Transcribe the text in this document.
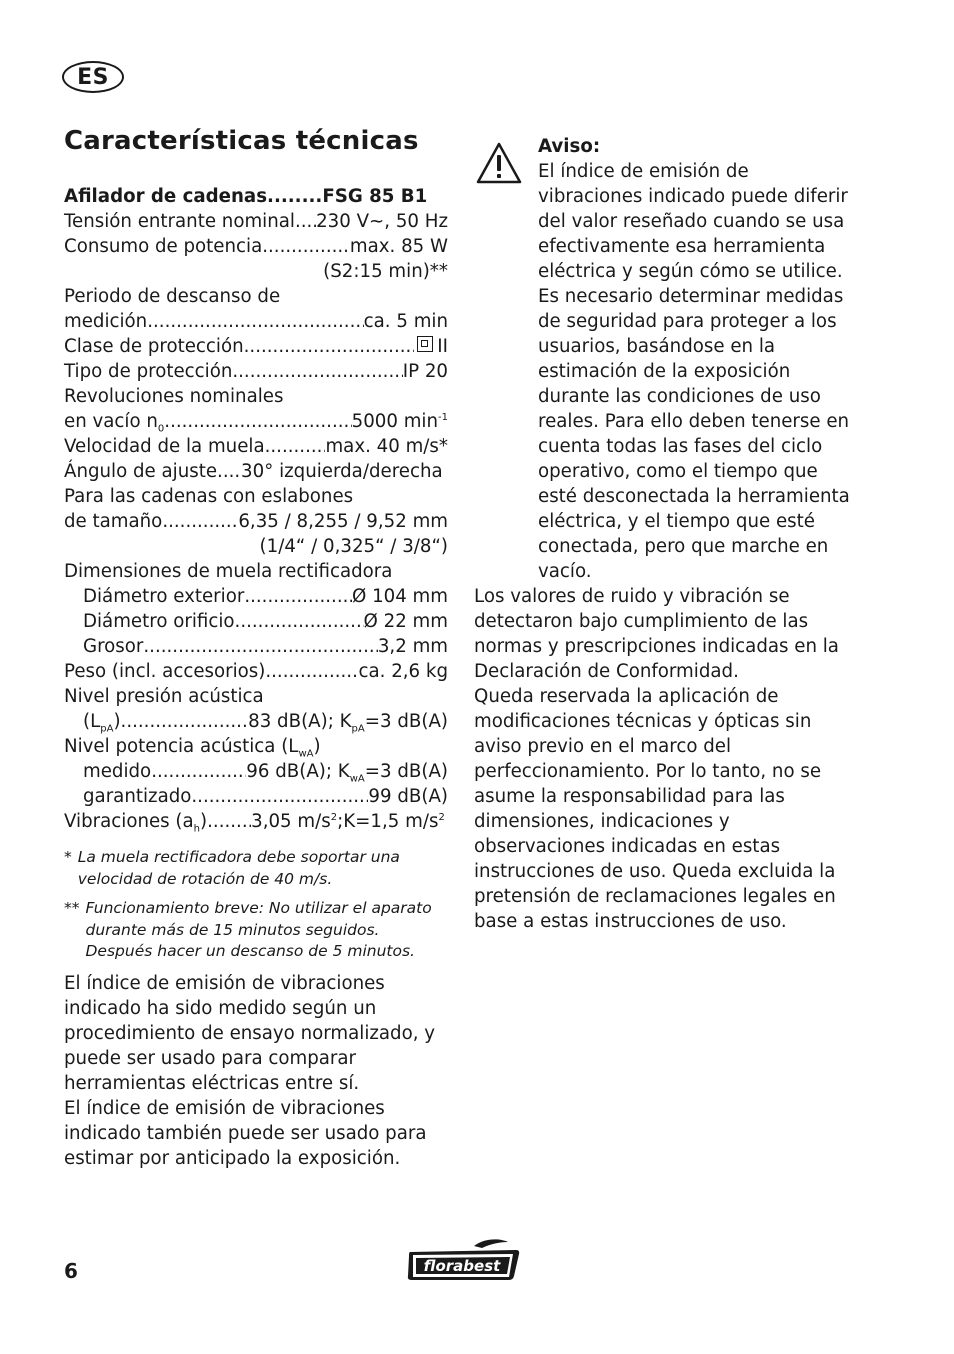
ES
Características técnicas
Afilador de cadenas ........ FSG 85 B1
Tensión entrante nominal ..... 230 V~, 50 Hz
Consumo de potencia .....	max. 85 W
(S2:15 min)**
Periodo de descanso de
medición .....	ca. 5 min
Clase de protección .....	II
Tipo de protección .....	IP 20
Revoluciones nominales
en vacío $n_0$ .....	5000 $\min^{-1}$
Velocidad de la muela .....	max. 40 m/s*
Ángulo de ajuste ..... 30° izquierda/derecha
Para las cadenas con eslabones
de tamaño .....	6,35 / 8,255 / 9,52 mm
(1/4“ / 0,325“ / 3/8“)
Dimensiones de muela rectificadora
Diámetro exterior .....	Ø 104 mm
Diámetro orificio .....	Ø 22 mm
Grosor .....	3,2 mm
Peso (incl. accesorios) .....	ca. 2,6 kg
Nivel presión acústica
$(L_{pA})$ .....	83 dB(A); $K_{pA}=3$ dB(A)
Nivel potencia acústica $(L_{wA})$
medido .....	96 dB(A); $K_{wA}=3$ dB(A)
garantizado .....	99 dB(A)
Vibraciones $(a_h)$ ..... 3,05 $m/s^2;K=1,5$ $m/s^2$
* La muela rectificadora debe soportar una velocidad de rotación de 40 m/s.
** Funcionamiento breve: No utilizar el aparato durante más de 15 minutos seguidos. Después hacer un descanso de 5 minutos.

El índice de emisión de vibraciones indicado ha sido medido según un procedimiento de ensayo normalizado, y puede ser usado para comparar herramientas eléctricas entre sí.

El índice de emisión de vibraciones indicado también puede ser usado para estimar por anticipado la exposición.

Aviso:

El índice de emisión de vibraciones indicado puede diferir del valor reseñado cuando se usa efectivamente esa herramienta eléctrica y según cómo se utilice.

Es necesario determinar medidas de seguridad para proteger a los usuarios, basándose en la estimación de la exposición durante las condiciones de uso reales. Para ello deben tenerse en cuenta todas las fases del ciclo operativo, como el tiempo que esté desconectada la herramienta eléctrica, y el tiempo que esté conectada, pero que marche en vacío.

Los valores de ruido y vibración se detectaron bajo cumplimiento de las normas y prescripciones indicadas en la Declaración de Conformidad.

Queda reservada la aplicación de modificaciones técnicas y ópticas sin aviso previo en el marco del perfeccionamiento. Por lo tanto, no se asume la responsabilidad para las dimensiones, indicaciones y observaciones indicadas en estas instrucciones de uso. Queda excluida la pretensión de reclamaciones legales en base a estas instrucciones de uso.

6	florabest
